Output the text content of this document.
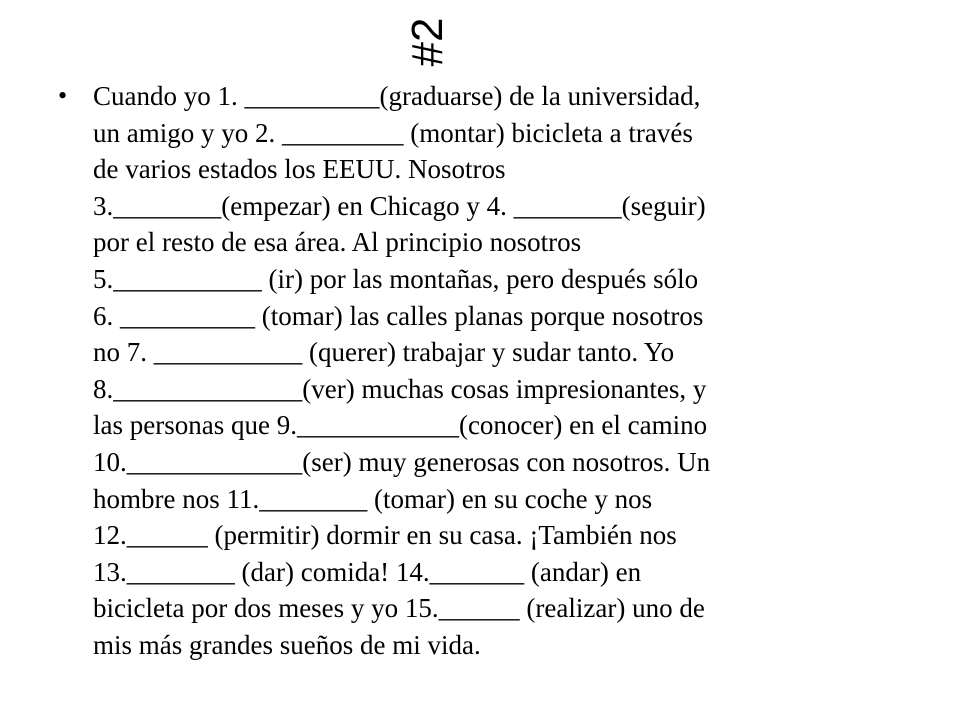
#2
• Cuando yo 1. __________(graduarse) de la universidad,
un amigo y yo 2. _________ (montar) bicicleta a través
de varios estados los EEUU. Nosotros
3.________(empezar) en Chicago y 4. ________(seguir)
por el resto de esa área. Al principio nosotros
5.___________ (ir) por las montañas, pero después sólo
6. __________ (tomar) las calles planas porque nosotros
no 7. ___________ (querer) trabajar y sudar tanto. Yo
8.______________(ver) muchas cosas impresionantes, y
las personas que 9.____________(conocer) en el camino
10._____________(ser) muy generosas con nosotros. Un
hombre nos 11.________ (tomar) en su coche y nos
12.______ (permitir) dormir en su casa. ¡También nos
13.________ (dar) comida! 14._______ (andar) en
bicicleta por dos meses y yo 15.______ (realizar) uno de
mis más grandes sueños de mi vida.
